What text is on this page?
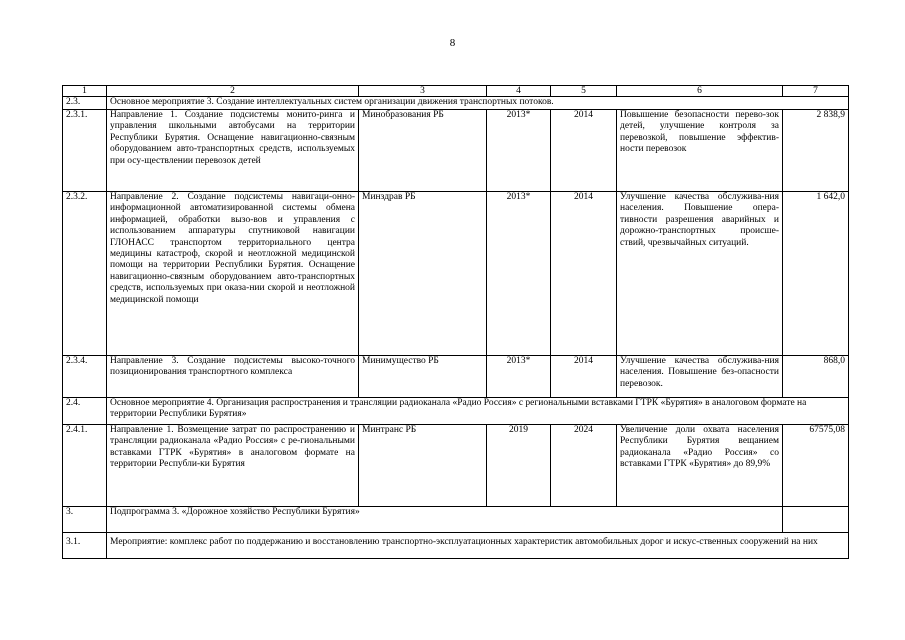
8
1	2	3	4	5	6	7
2.3.	Основное мероприятие 3. Создание интеллектуальных систем организации движения транспортных потоков.					
2.3.1.	Направление 1. Создание подсистемы монито-ринга и управления школьными автобусами на территории Республики Бурятия. Оснащение навигационно-связным оборудованием авто-транспортных средств, используемых при осу-ществлении перевозок детей	Минобразования РБ	2013*	2014	Повышение безопасности перево-зок детей, улучшение контроля за перевозкой, повышение эффектив-ности перевозок	2 838,9
2.3.2.	Направление 2. Создание подсистемы навигаци-онно-информационной автоматизированной системы обмена информацией, обработки вызо-вов и управления с использованием аппаратуры спутниковой навигации ГЛОНАСС транспортом территориального центра медицины катастроф, скорой и неотложной медицинской помощи на территории Республики Бурятия. Оснащение навигационно-связным оборудованием авто-транспортных средств, используемых при оказа-нии скорой и неотложной медицинской помощи	Минздрав РБ	2013*	2014	Улучшение качества обслужива-ния населения. Повышение опера-тивности разрешения аварийных и дорожно-транспортных происше-ствий, чрезвычайных ситуаций.	1 642,0
2.3.4.	Направление 3. Создание подсистемы высоко-точного позиционирования транспортного комплекса	Минимущество РБ	2013*	2014	Улучшение качества обслужива-ния населения. Повышение без-опасности перевозок.	868,0
2.4.	Основное мероприятие 4. Организация распространения и трансляции радиоканала «Радио Россия» с региональными вставками ГТРК «Бурятия» в аналоговом формате на территории Республики Бурятия»					
2.4.1.	Направление 1. Возмещение затрат по распространению и трансляции радиоканала «Радио Россия» с ре-гиональными вставками ГТРК «Бурятия» в аналоговом формате на территории Республи-ки Бурятия	Минтранс РБ	2019	2024	Увеличение доли охвата населения Республики Бурятия вещанием радиоканала «Радио Россия» со вставками ГТРК «Бурятия» до 89,9%	67575,08
3.	Подпрограмма 3. «Дорожное хозяйство Республики Бурятия»					
3.1.	Мероприятие: комплекс работ по поддержанию и восстановлению транспортно-эксплуатационных характеристик автомобильных дорог и искус-ственных сооружений на них					
